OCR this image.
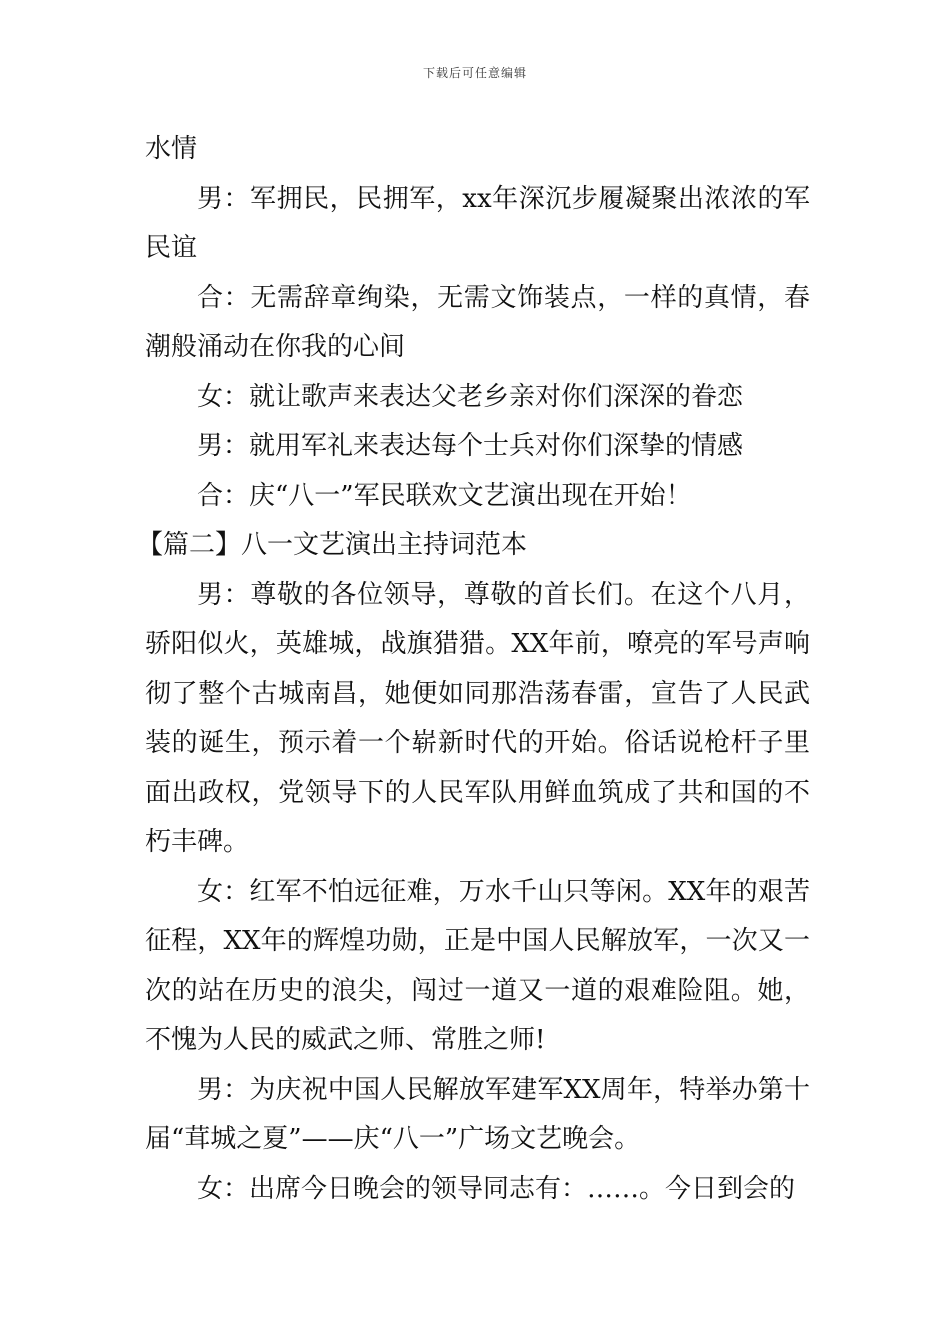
下载后可任意编辑

水情

男：军拥民，民拥军，xx年深沉步履凝聚出浓浓的军民谊

合：无需辞章绚染，无需文饰装点，一样的真情，春潮般涌动在你我的心间

女：就让歌声来表达父老乡亲对你们深深的眷恋

男：就用军礼来表达每个士兵对你们深挚的情感

合：庆“八一”军民联欢文艺演出现在开始！

【篇二】八一文艺演出主持词范本

男：尊敬的各位领导，尊敬的首长们。在这个八月，骄阳似火，英雄城，战旗猎猎。XX年前，嘹亮的军号声响彻了整个古城南昌，她便如同那浩荡春雷，宣告了人民武装的诞生，预示着一个崭新时代的开始。俗话说枪杆子里面出政权，党领导下的人民军队用鲜血筑成了共和国的不朽丰碑。

女：红军不怕远征难，万水千山只等闲。XX年的艰苦征程，XX年的辉煌功勋，正是中国人民解放军，一次又一次的站在历史的浪尖，闯过一道又一道的艰难险阻。她，不愧为人民的威武之师、常胜之师!

男：为庆祝中国人民解放军建军XX周年，特举办第十届“茸城之夏”——庆“八一”广场文艺晚会。

女：出席今日晚会的领导同志有：……。今日到会的
